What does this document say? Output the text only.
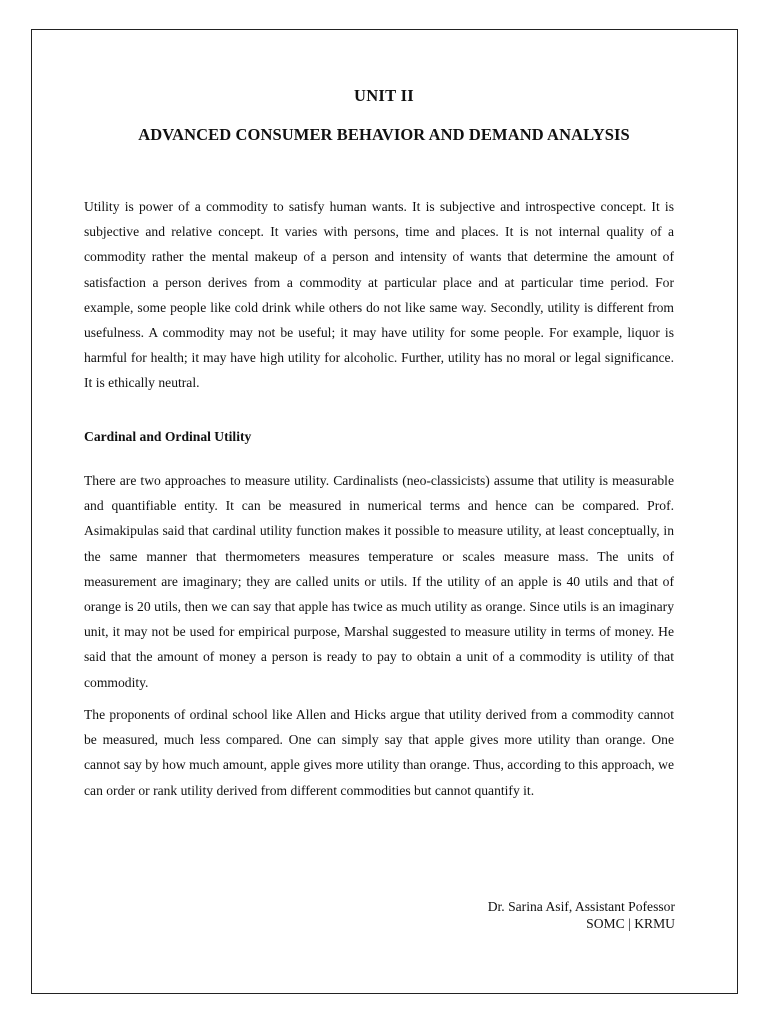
UNIT II
ADVANCED CONSUMER BEHAVIOR AND DEMAND ANALYSIS

Utility is power of a commodity to satisfy human wants. It is subjective and introspective concept. It is subjective and relative concept. It varies with persons, time and places. It is not internal quality of a commodity rather the mental makeup of a person and intensity of wants that determine the amount of satisfaction a person derives from a commodity at particular place and at particular time period. For example, some people like cold drink while others do not like same way. Secondly, utility is different from usefulness. A commodity may not be useful; it may have utility for some people. For example, liquor is harmful for health; it may have high utility for alcoholic. Further, utility has no moral or legal significance. It is ethically neutral.

Cardinal and Ordinal Utility

There are two approaches to measure utility. Cardinalists (neo-classicists) assume that utility is measurable and quantifiable entity. It can be measured in numerical terms and hence can be compared. Prof. Asimakipulas said that cardinal utility function makes it possible to measure utility, at least conceptually, in the same manner that thermometers measures temperature or scales measure mass. The units of measurement are imaginary; they are called units or utils. If the utility of an apple is 40 utils and that of orange is 20 utils, then we can say that apple has twice as much utility as orange. Since utils is an imaginary unit, it may not be used for empirical purpose, Marshal suggested to measure utility in terms of money. He said that the amount of money a person is ready to pay to obtain a unit of a commodity is utility of that commodity.

The proponents of ordinal school like Allen and Hicks argue that utility derived from a commodity cannot be measured, much less compared. One can simply say that apple gives more utility than orange. One cannot say by how much amount, apple gives more utility than orange. Thus, according to this approach, we can order or rank utility derived from different commodities but cannot quantify it.

Dr. Sarina Asif, Assistant Pofessor
SOMC | KRMU
